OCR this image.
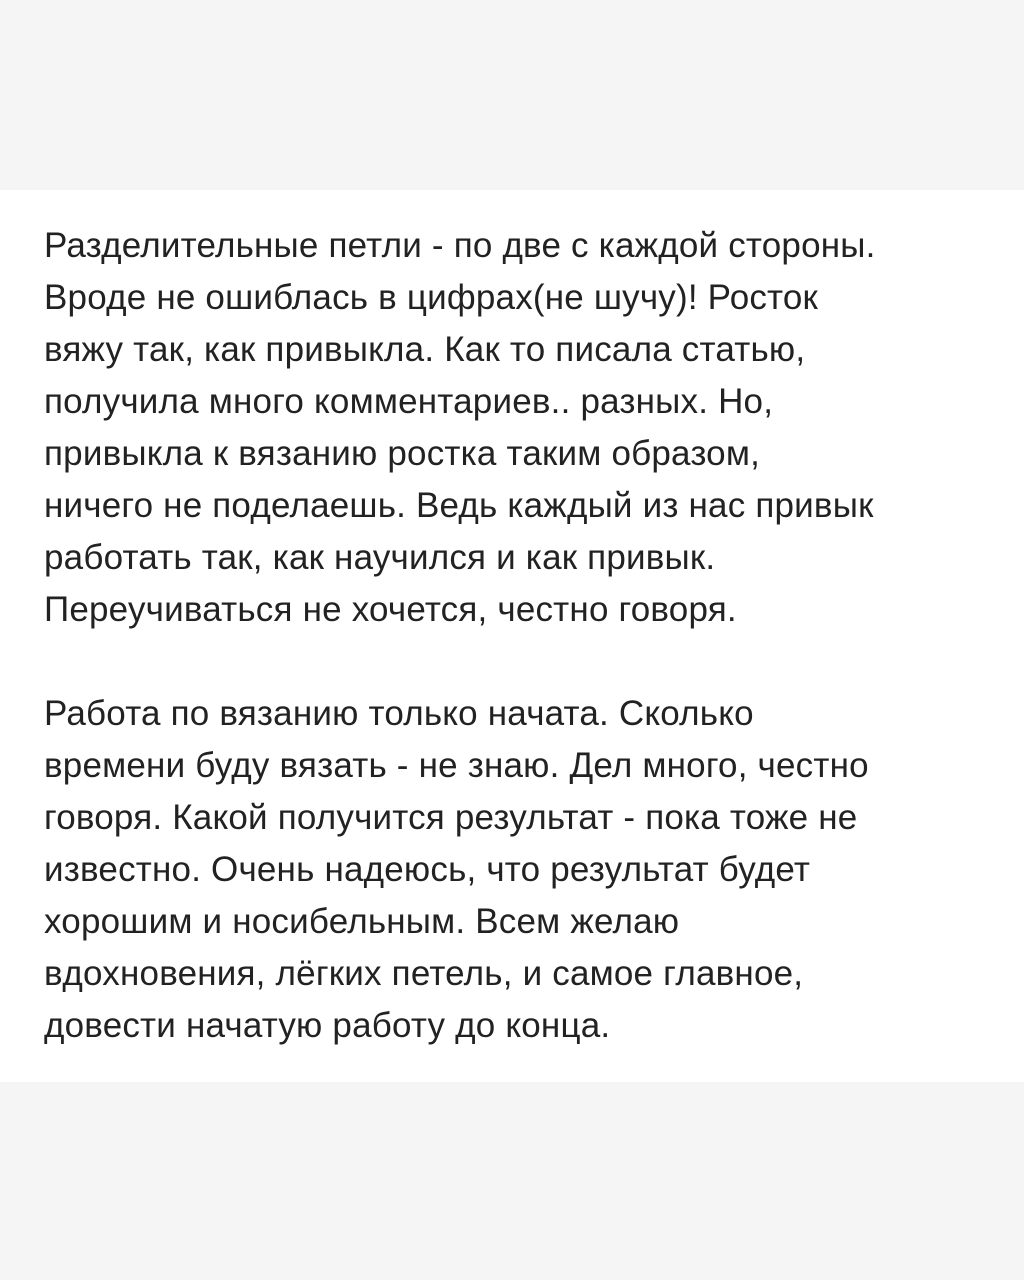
Разделительные петли - по две с каждой стороны.
Вроде не ошиблась в цифрах(не шучу)! Росток
вяжу так, как привыкла. Как то писала статью,
получила много комментариев.. разных. Но,
привыкла к вязанию ростка таким образом,
ничего не поделаешь. Ведь каждый из нас привык
работать так, как научился и как привык.
Переучиваться не хочется, честно говоря.
Работа по вязанию только начата. Сколько
времени буду вязать - не знаю. Дел много, честно
говоря. Какой получится результат - пока тоже не
известно. Очень надеюсь, что результат будет
хорошим и носибельным. Всем желаю
вдохновения, лёгких петель, и самое главное,
довести начатую работу до конца.
